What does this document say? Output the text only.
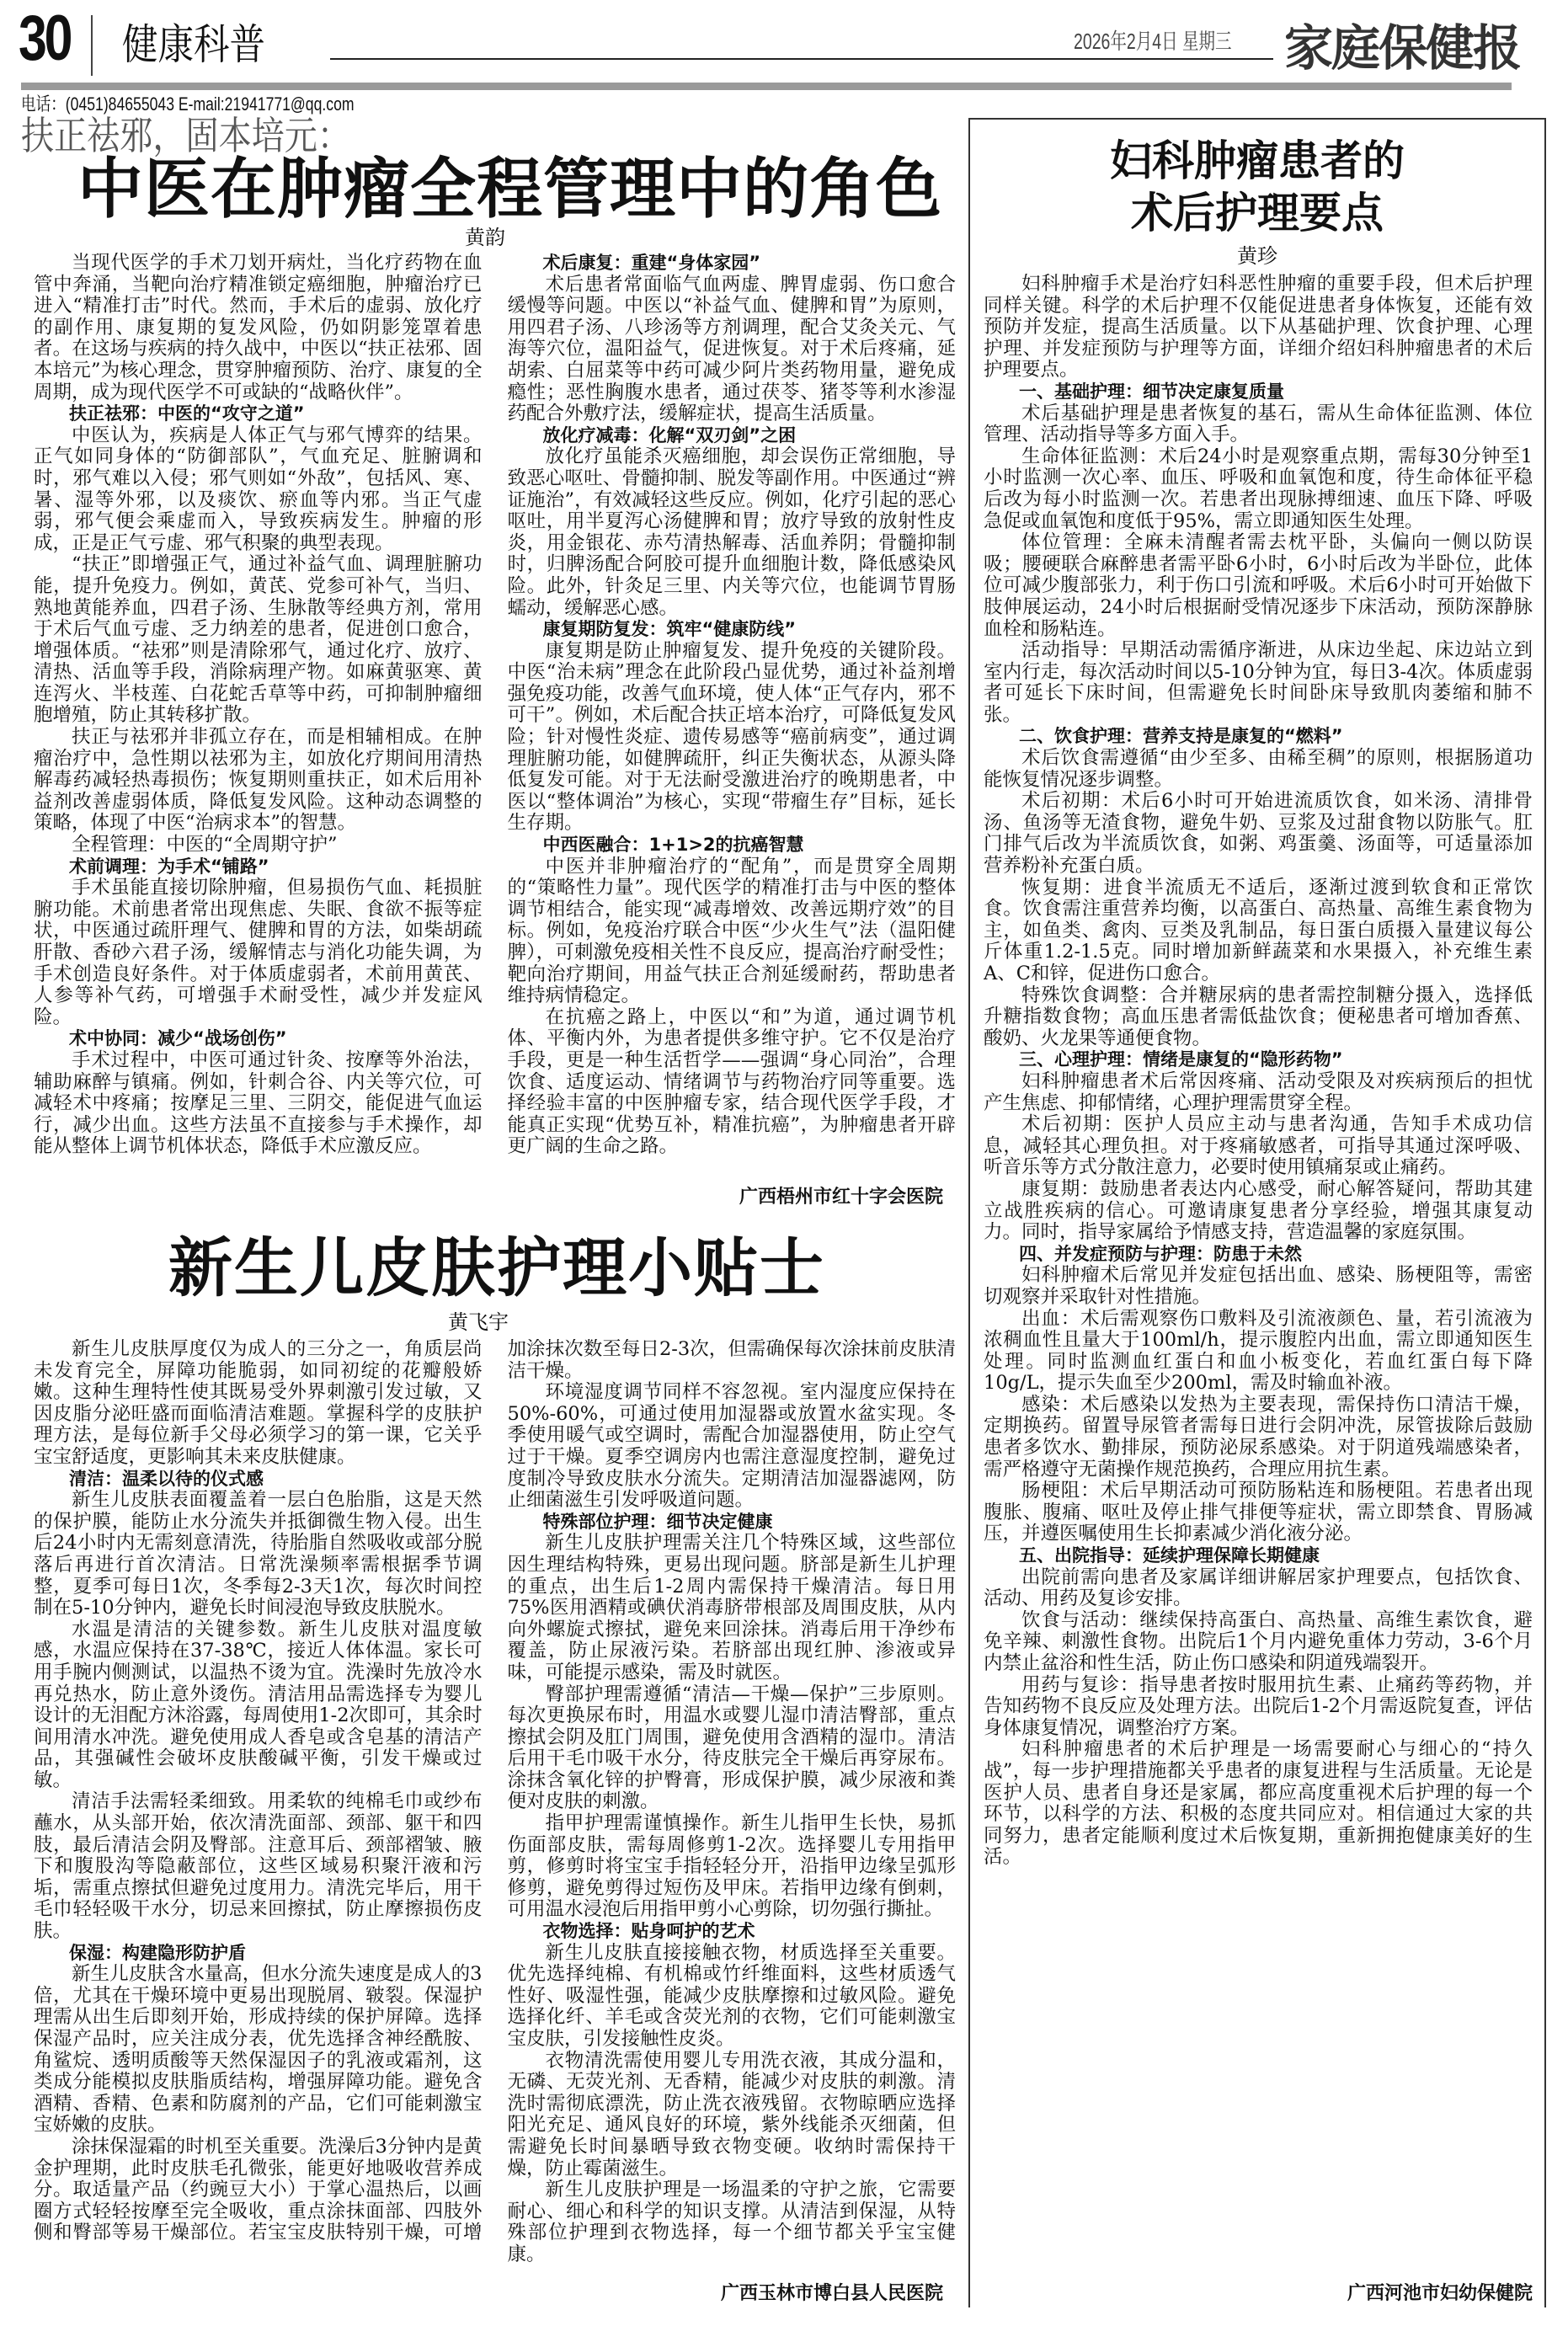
30 健康科普	2026年2月4日 星期三 家庭保健报
电话：(0451)84655043 E-mail:21941771@qq.com
扶正祛邪，固本培元：
中医在肿瘤全程管理中的角色
黄韵

当现代医学的手术刀划开病灶，当化疗药物在血管中奔涌，当靶向治疗精准锁定癌细胞，肿瘤治疗已进入“精准打击”时代。然而，手术后的虚弱、放化疗的副作用、康复期的复发风险，仍如阴影笼罩着患者。在这场与疾病的持久战中，中医以“扶正祛邪、固本培元”为核心理念，贯穿肿瘤预防、治疗、康复的全周期，成为现代医学不可或缺的“战略伙伴”。

扶正祛邪：中医的“攻守之道”

中医认为，疾病是人体正气与邪气博弈的结果。正气如同身体的“防御部队”，气血充足、脏腑调和时，邪气难以入侵；邪气则如“外敌”，包括风、寒、暑、湿等外邪，以及痰饮、瘀血等内邪。当正气虚弱，邪气便会乘虚而入，导致疾病发生。肿瘤的形成，正是正气亏虚、邪气积聚的典型表现。

“扶正”即增强正气，通过补益气血、调理脏腑功能，提升免疫力。例如，黄芪、党参可补气，当归、熟地黄能养血，四君子汤、生脉散等经典方剂，常用于术后气血亏虚、乏力纳差的患者，促进创口愈合，增强体质。“祛邪”则是清除邪气，通过化疗、放疗、清热、活血等手段，消除病理产物。如麻黄驱寒、黄连泻火、半枝莲、白花蛇舌草等中药，可抑制肿瘤细胞增殖，防止其转移扩散。

扶正与祛邪并非孤立存在，而是相辅相成。在肿瘤治疗中，急性期以祛邪为主，如放化疗期间用清热解毒药减轻热毒损伤；恢复期则重扶正，如术后用补益剂改善虚弱体质，降低复发风险。这种动态调整的策略，体现了中医“治病求本”的智慧。

全程管理：中医的“全周期守护”

术前调理：为手术“铺路”

手术虽能直接切除肿瘤，但易损伤气血、耗损脏腑功能。术前患者常出现焦虑、失眠、食欲不振等症状，中医通过疏肝理气、健脾和胃的方法，如柴胡疏肝散、香砂六君子汤，缓解情志与消化功能失调，为手术创造良好条件。对于体质虚弱者，术前用黄芪、人参等补气药，可增强手术耐受性，减少并发症风险。

术中协同：减少“战场创伤”

手术过程中，中医可通过针灸、按摩等外治法，辅助麻醉与镇痛。例如，针刺合谷、内关等穴位，可减轻术中疼痛；按摩足三里、三阴交，能促进气血运行，减少出血。这些方法虽不直接参与手术操作，却能从整体上调节机体状态，降低手术应激反应。

术后康复：重建“身体家园”

术后患者常面临气血两虚、脾胃虚弱、伤口愈合缓慢等问题。中医以“补益气血、健脾和胃”为原则，用四君子汤、八珍汤等方剂调理，配合艾灸关元、气海等穴位，温阳益气，促进恢复。对于术后疼痛，延胡索、白屈菜等中药可减少阿片类药物用量，避免成瘾性；恶性胸腹水患者，通过茯苓、猪苓等利水渗湿药配合外敷疗法，缓解症状，提高生活质量。

放化疗减毒：化解“双刃剑”之困

放化疗虽能杀灭癌细胞，却会误伤正常细胞，导致恶心呕吐、骨髓抑制、脱发等副作用。中医通过“辨证施治”，有效减轻这些反应。例如，化疗引起的恶心呕吐，用半夏泻心汤健脾和胃；放疗导致的放射性皮炎，用金银花、赤芍清热解毒、活血养阴；骨髓抑制时，归脾汤配合阿胶可提升血细胞计数，降低感染风险。此外，针灸足三里、内关等穴位，也能调节胃肠蠕动，缓解恶心感。

康复期防复发：筑牢“健康防线”

康复期是防止肿瘤复发、提升免疫的关键阶段。中医“治未病”理念在此阶段凸显优势，通过补益剂增强免疫功能，改善气血环境，使人体“正气存内，邪不可干”。例如，术后配合扶正培本治疗，可降低复发风险；针对慢性炎症、遗传易感等“癌前病变”，通过调理脏腑功能，如健脾疏肝，纠正失衡状态，从源头降低复发可能。对于无法耐受激进治疗的晚期患者，中医以“整体调治”为核心，实现“带瘤生存”目标，延长生存期。

中西医融合：1+1>2的抗癌智慧

中医并非肿瘤治疗的“配角”，而是贯穿全周期的“策略性力量”。现代医学的精准打击与中医的整体调节相结合，能实现“减毒增效、改善远期疗效”的目标。例如，免疫治疗联合中医“少火生气”法（温阳健脾），可刺激免疫相关性不良反应，提高治疗耐受性；靶向治疗期间，用益气扶正合剂延缓耐药，帮助患者维持病情稳定。

在抗癌之路上，中医以“和”为道，通过调节机体、平衡内外，为患者提供多维守护。它不仅是治疗手段，更是一种生活哲学——强调“身心同治”，合理饮食、适度运动、情绪调节与药物治疗同等重要。选择经验丰富的中医肿瘤专家，结合现代医学手段，才能真正实现“优势互补，精准抗癌”，为肿瘤患者开辟更广阔的生命之路。

广西梧州市红十字会医院
新生儿皮肤护理小贴士
黄飞宇

新生儿皮肤厚度仅为成人的三分之一，角质层尚未发育完全，屏障功能脆弱，如同初绽的花瓣般娇嫩。这种生理特性使其既易受外界刺激引发过敏，又因皮脂分泌旺盛而面临清洁难题。掌握科学的皮肤护理方法，是每位新手父母必须学习的第一课，它关乎宝宝舒适度，更影响其未来皮肤健康。

清洁：温柔以待的仪式感

新生儿皮肤表面覆盖着一层白色胎脂，这是天然的保护膜，能防止水分流失并抵御微生物入侵。出生后24小时内无需刻意清洗，待胎脂自然吸收或部分脱落后再进行首次清洁。日常洗澡频率需根据季节调整，夏季可每日1次，冬季每2-3天1次，每次时间控制在5-10分钟内，避免长时间浸泡导致皮肤脱水。

水温是清洁的关键参数。新生儿皮肤对温度敏感，水温应保持在37-38℃，接近人体体温。家长可用手腕内侧测试，以温热不烫为宜。洗澡时先放冷水再兑热水，防止意外烫伤。清洁用品需选择专为婴儿设计的无泪配方沐浴露，每周使用1-2次即可，其余时间用清水冲洗。避免使用成人香皂或含皂基的清洁产品，其强碱性会破坏皮肤酸碱平衡，引发干燥或过敏。

清洁手法需轻柔细致。用柔软的纯棉毛巾或纱布蘸水，从头部开始，依次清洗面部、颈部、躯干和四肢，最后清洁会阴及臀部。注意耳后、颈部褶皱、腋下和腹股沟等隐蔽部位，这些区域易积聚汗液和污垢，需重点擦拭但避免过度用力。清洗完毕后，用干毛巾轻轻吸干水分，切忌来回擦拭，防止摩擦损伤皮肤。

保湿：构建隐形防护盾

新生儿皮肤含水量高，但水分流失速度是成人的3倍，尤其在干燥环境中更易出现脱屑、皲裂。保湿护理需从出生后即刻开始，形成持续的保护屏障。选择保湿产品时，应关注成分表，优先选择含神经酰胺、角鲨烷、透明质酸等天然保湿因子的乳液或霜剂，这类成分能模拟皮肤脂质结构，增强屏障功能。避免含酒精、香精、色素和防腐剂的产品，它们可能刺激宝宝娇嫩的皮肤。

涂抹保湿霜的时机至关重要。洗澡后3分钟内是黄金护理期，此时皮肤毛孔微张，能更好地吸收营养成分。取适量产品（约豌豆大小）于掌心温热后，以画圈方式轻轻按摩至完全吸收，重点涂抹面部、四肢外侧和臀部等易干燥部位。若宝宝皮肤特别干燥，可增加涂抹次数至每日2-3次，但需确保每次涂抹前皮肤清洁干燥。

环境湿度调节同样不容忽视。室内湿度应保持在50%-60%，可通过使用加湿器或放置水盆实现。冬季使用暖气或空调时，需配合加湿器使用，防止空气过于干燥。夏季空调房内也需注意湿度控制，避免过度制冷导致皮肤水分流失。定期清洁加湿器滤网，防止细菌滋生引发呼吸道问题。

特殊部位护理：细节决定健康

新生儿皮肤护理需关注几个特殊区域，这些部位因生理结构特殊，更易出现问题。脐部是新生儿护理的重点，出生后1-2周内需保持干燥清洁。每日用75%医用酒精或碘伏消毒脐带根部及周围皮肤，从内向外螺旋式擦拭，避免来回涂抹。消毒后用干净纱布覆盖，防止尿液污染。若脐部出现红肿、渗液或异味，可能提示感染，需及时就医。

臀部护理需遵循“清洁—干燥—保护”三步原则。每次更换尿布时，用温水或婴儿湿巾清洁臀部，重点擦拭会阴及肛门周围，避免使用含酒精的湿巾。清洁后用干毛巾吸干水分，待皮肤完全干燥后再穿尿布。涂抹含氧化锌的护臀膏，形成保护膜，减少尿液和粪便对皮肤的刺激。

指甲护理需谨慎操作。新生儿指甲生长快，易抓伤面部皮肤，需每周修剪1-2次。选择婴儿专用指甲剪，修剪时将宝宝手指轻轻分开，沿指甲边缘呈弧形修剪，避免剪得过短伤及甲床。若指甲边缘有倒刺，可用温水浸泡后用指甲剪小心剪除，切勿强行撕扯。

衣物选择：贴身呵护的艺术

新生儿皮肤直接接触衣物，材质选择至关重要。优先选择纯棉、有机棉或竹纤维面料，这些材质透气性好、吸湿性强，能减少皮肤摩擦和过敏风险。避免选择化纤、羊毛或含荧光剂的衣物，它们可能刺激宝宝皮肤，引发接触性皮炎。

衣物清洗需使用婴儿专用洗衣液，其成分温和，无磷、无荧光剂、无香精，能减少对皮肤的刺激。清洗时需彻底漂洗，防止洗衣液残留。衣物晾晒应选择阳光充足、通风良好的环境，紫外线能杀灭细菌，但需避免长时间暴晒导致衣物变硬。收纳时需保持干燥，防止霉菌滋生。

新生儿皮肤护理是一场温柔的守护之旅，它需要耐心、细心和科学的知识支撑。从清洁到保湿，从特殊部位护理到衣物选择，每一个细节都关乎宝宝健康。

广西玉林市博白县人民医院
妇科肿瘤患者的
术后护理要点
黄珍

妇科肿瘤手术是治疗妇科恶性肿瘤的重要手段，但术后护理同样关键。科学的术后护理不仅能促进患者身体恢复，还能有效预防并发症，提高生活质量。以下从基础护理、饮食护理、心理护理、并发症预防与护理等方面，详细介绍妇科肿瘤患者的术后护理要点。

一、基础护理：细节决定康复质量

术后基础护理是患者恢复的基石，需从生命体征监测、体位管理、活动指导等多方面入手。

生命体征监测：术后24小时是观察重点期，需每30分钟至1小时监测一次心率、血压、呼吸和血氧饱和度，待生命体征平稳后改为每小时监测一次。若患者出现脉搏细速、血压下降、呼吸急促或血氧饱和度低于95%，需立即通知医生处理。

体位管理：全麻未清醒者需去枕平卧，头偏向一侧以防误吸；腰硬联合麻醉患者需平卧6小时，6小时后改为半卧位，此体位可减少腹部张力，利于伤口引流和呼吸。术后6小时可开始做下肢伸展运动，24小时后根据耐受情况逐步下床活动，预防深静脉血栓和肠粘连。

活动指导：早期活动需循序渐进，从床边坐起、床边站立到室内行走，每次活动时间以5-10分钟为宜，每日3-4次。体质虚弱者可延长下床时间，但需避免长时间卧床导致肌肉萎缩和肺不张。

二、饮食护理：营养支持是康复的“燃料”

术后饮食需遵循“由少至多、由稀至稠”的原则，根据肠道功能恢复情况逐步调整。

术后初期：术后6小时可开始进流质饮食，如米汤、清排骨汤、鱼汤等无渣食物，避免牛奶、豆浆及过甜食物以防胀气。肛门排气后改为半流质饮食，如粥、鸡蛋羹、汤面等，可适量添加营养粉补充蛋白质。

恢复期：进食半流质无不适后，逐渐过渡到软食和正常饮食。饮食需注重营养均衡，以高蛋白、高热量、高维生素食物为主，如鱼类、禽肉、豆类及乳制品，每日蛋白质摄入量建议每公斤体重1.2-1.5克。同时增加新鲜蔬菜和水果摄入，补充维生素A、C和锌，促进伤口愈合。

特殊饮食调整：合并糖尿病的患者需控制糖分摄入，选择低升糖指数食物；高血压患者需低盐饮食；便秘患者可增加香蕉、酸奶、火龙果等通便食物。

三、心理护理：情绪是康复的“隐形药物”

妇科肿瘤患者术后常因疼痛、活动受限及对疾病预后的担忧产生焦虑、抑郁情绪，心理护理需贯穿全程。

术后初期：医护人员应主动与患者沟通，告知手术成功信息，减轻其心理负担。对于疼痛敏感者，可指导其通过深呼吸、听音乐等方式分散注意力，必要时使用镇痛泵或止痛药。

康复期：鼓励患者表达内心感受，耐心解答疑问，帮助其建立战胜疾病的信心。可邀请康复患者分享经验，增强其康复动力。同时，指导家属给予情感支持，营造温馨的家庭氛围。

四、并发症预防与护理：防患于未然

妇科肿瘤术后常见并发症包括出血、感染、肠梗阻等，需密切观察并采取针对性措施。

出血：术后需观察伤口敷料及引流液颜色、量，若引流液为浓稠血性且量大于100ml/h，提示腹腔内出血，需立即通知医生处理。同时监测血红蛋白和血小板变化，若血红蛋白每下降10g/L，提示失血至少200ml，需及时输血补液。

感染：术后感染以发热为主要表现，需保持伤口清洁干燥，定期换药。留置导尿管者需每日进行会阴冲洗，尿管拔除后鼓励患者多饮水、勤排尿，预防泌尿系感染。对于阴道残端感染者，需严格遵守无菌操作规范换药，合理应用抗生素。

肠梗阻：术后早期活动可预防肠粘连和肠梗阻。若患者出现腹胀、腹痛、呕吐及停止排气排便等症状，需立即禁食、胃肠减压，并遵医嘱使用生长抑素减少消化液分泌。

五、出院指导：延续护理保障长期健康

出院前需向患者及家属详细讲解居家护理要点，包括饮食、活动、用药及复诊安排。

饮食与活动：继续保持高蛋白、高热量、高维生素饮食，避免辛辣、刺激性食物。出院后1个月内避免重体力劳动，3-6个月内禁止盆浴和性生活，防止伤口感染和阴道残端裂开。

用药与复诊：指导患者按时服用抗生素、止痛药等药物，并告知药物不良反应及处理方法。出院后1-2个月需返院复查，评估身体康复情况，调整治疗方案。

妇科肿瘤患者的术后护理是一场需要耐心与细心的“持久战”，每一步护理措施都关乎患者的康复进程与生活质量。无论是医护人员、患者自身还是家属，都应高度重视术后护理的每一个环节，以科学的方法、积极的态度共同应对。相信通过大家的共同努力，患者定能顺利度过术后恢复期，重新拥抱健康美好的生活。

广西河池市妇幼保健院
